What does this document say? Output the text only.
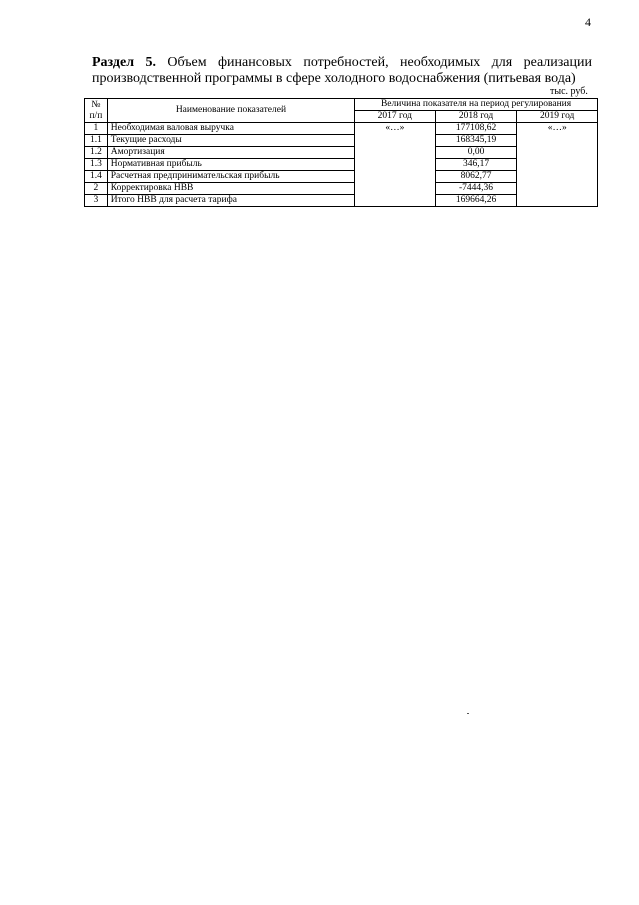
4
Раздел 5. Объем финансовых потребностей, необходимых для реализации производственной программы в сфере холодного водоснабжения (питьевая вода)
тыс. руб.
№ п/п	Наименование показателей	Величина показателя на период регулирования		
		2017 год	2018 год	2019 год
1	Необходимая валовая выручка	«…»	177108,62	«…»
1.1	Текущие расходы		168345,19	
1.2	Амортизация		0,00	
1.3	Нормативная прибыль		346,17	
1.4	Расчетная предпринимательская прибыль		8062,77	
2	Корректировка НВВ		-7444,36	
3	Итого НВВ для расчета тарифа		169664,26	
